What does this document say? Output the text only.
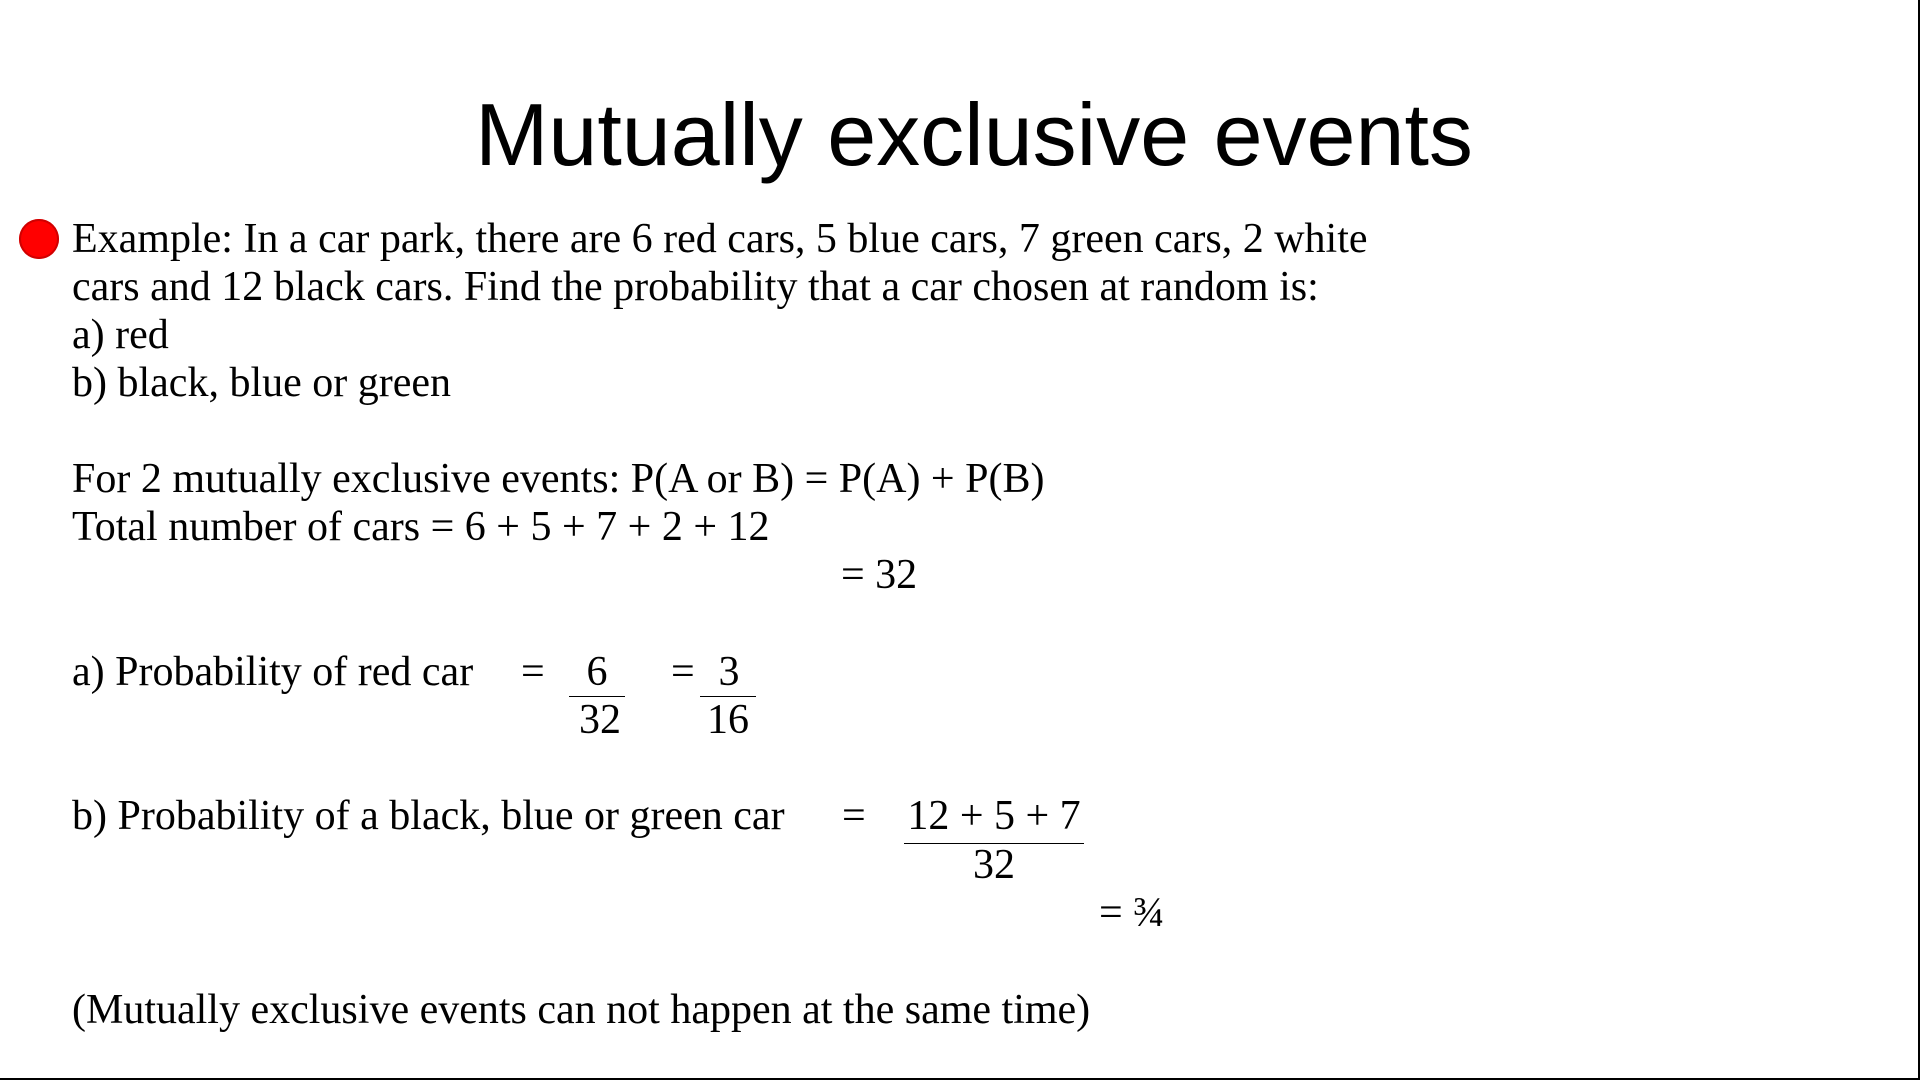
Mutually exclusive events
Example: In a car park, there are 6 red cars, 5 blue cars, 7 green cars, 2 white
cars and 12 black cars. Find the probability that a car chosen at random is:
a) red
b) black, blue or green
For 2 mutually exclusive events: P(A or B) = P(A) + P(B)
Total number of cars = 6 + 5 + 7 + 2 + 12
= 32
a) Probability of red car = 6
32
= 3
16
b) Probability of a black, blue or green car = 12 + 5 + 7
32
= ¾
(Mutually exclusive events can not happen at the same time)
